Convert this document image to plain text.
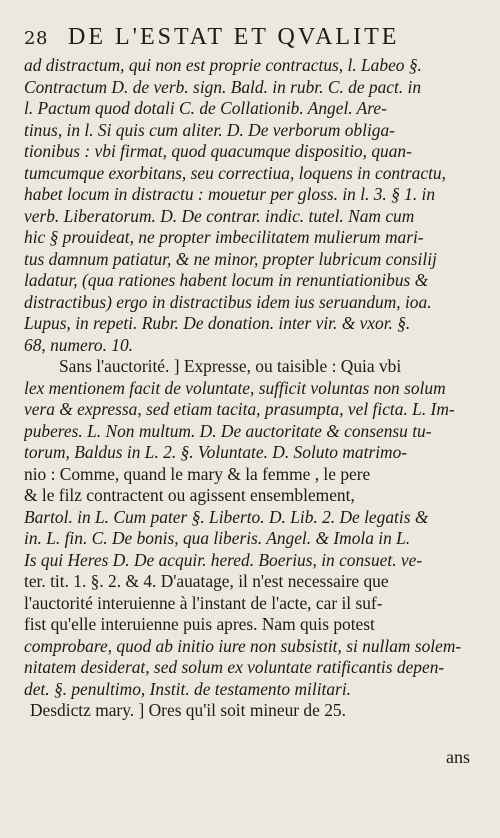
28 DE L'ESTAT ET QVALITE
ad distractum, qui non est proprie contractus, l. Labeo §.
Contractum D. de verb. sign. Bald. in rubr. C. de pact. in
l. Pactum quod dotali C. de Collationib. Angel. Are-
tinus, in l. Si quis cum aliter. D. De verborum obliga-
tionibus : vbi firmat, quod quacumque dispositio, quan-
tumcumque exorbitans, seu correctiua, loquens in contractu,
habet locum in distractu : mouetur per gloss. in l. 3. § 1. in
verb. Liberatorum. D. De contrar. indic. tutel. Nam cum
hic § prouideat, ne propter imbecilitatem mulierum mari-
tus damnum patiatur, & ne minor, propter lubricum consilij
ladatur, (qua rationes habent locum in renuntiationibus &
distractibus) ergo in distractibus idem ius seruandum, ioa.
Lupus, in repeti. Rubr. De donation. inter vir. & vxor. §.
68, numero. 10.
Sans l'auctorité. ] Expresse, ou taisible : Quia vbi
lex mentionem facit de voluntate, sufficit voluntas non solum
vera & expressa, sed etiam tacita, prasumpta, vel ficta. L. Im-
puberes. L. Non multum. D. De auctoritate & consensu tu-
torum, Baldus in L. 2. §. Voluntate. D. Soluto matrimo-
nio : Comme, quand le mary & la femme , le pere
& le filz contractent ou agissent ensemblement,
Bartol. in L. Cum pater §. Liberto. D. Lib. 2. De legatis &
in. L. fin. C. De bonis, qua liberis. Angel. & Imola in L.
Is qui Heres D. De acquir. hered. Boerius, in consuet. ve-
ter. tit. 1. §. 2. & 4. D'auatage, il n'est necessaire que
l'auctorité interuienne à l'instant de l'acte, car il suf-
fist qu'elle interuienne puis apres. Nam quis potest
comprobare, quod ab initio iure non subsistit, si nullam solem-
nitatem desiderat, sed solum ex voluntate ratificantis depen-
det. §. penultimo, Instit. de testamento militari.
Desdictz mary. ] Ores qu'il soit mineur de 25.
ans
